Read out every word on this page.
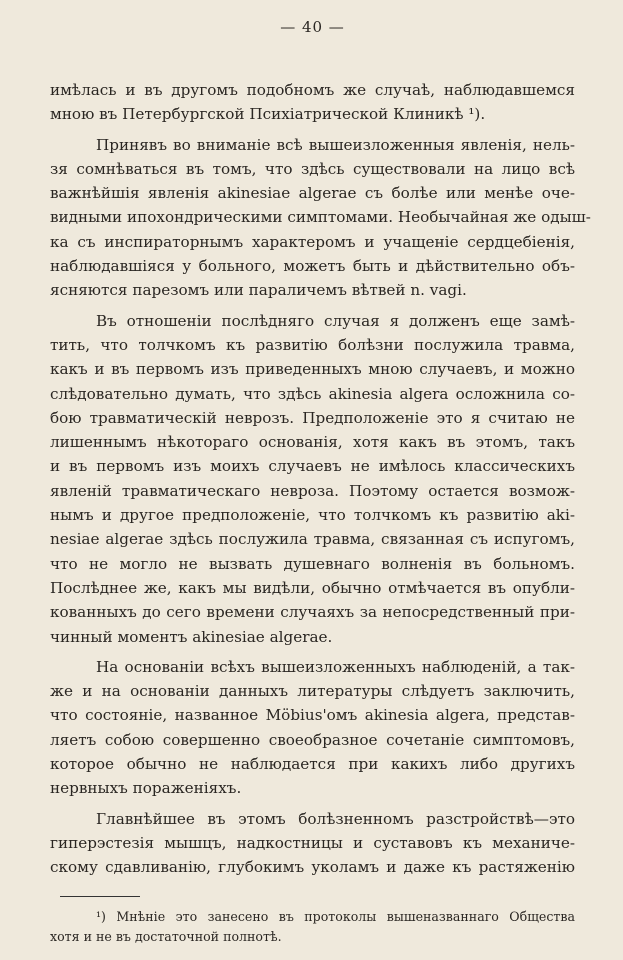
— 40 —
имѣлась и въ другомъ подобномъ же случаѣ, наблюдавшемся
мною въ Петербургской Психіатрической Клиникѣ ¹).
Принявъ во вниманіе всѣ вышеизложенныя явленія, нель-
зя сомнѣваться въ томъ, что здѣсь существовали на лицо всѣ
важнѣйшія явленія akinesiae algerae съ болѣе или менѣе оче-
видными ипохондрическими симптомами. Необычайная же одыш-
ка съ инспираторнымъ характеромъ и учащеніе сердцебіенія,
наблюдавшіяся у больного, можетъ быть и дѣйствительно объ-
ясняются парезомъ или параличемъ вѣтвей n. vagi.
Въ отношеніи послѣдняго случая я долженъ еще замѣ-
тить, что толчкомъ къ развитію болѣзни послужила травма,
какъ и въ первомъ изъ приведенныхъ мною случаевъ, и можно
слѣдовательно думать, что здѣсь akinesia algera осложнила со-
бою травматическій неврозъ. Предположеніе это я считаю не
лишеннымъ нѣкотораго основанія, хотя какъ въ этомъ, такъ
и въ первомъ изъ моихъ случаевъ не имѣлось классическихъ
явленій травматическаго невроза. Поэтому остается возмож-
нымъ и другое предположеніе, что толчкомъ къ развитію aki-
nesiae algerae здѣсь послужила травма, связанная съ испугомъ,
что не могло не вызвать душевнаго волненія въ больномъ.
Послѣднее же, какъ мы видѣли, обычно отмѣчается въ опубли-
кованныхъ до сего времени случаяхъ за непосредственный при-
чинный моментъ akinesiae algerae.
На основаніи всѣхъ вышеизложенныхъ наблюденій, а так-
же и на основаніи данныхъ литературы слѣдуетъ заключить,
что состояніе, названное Möbius'омъ akinesia algera, представ-
ляетъ собою совершенно своеобразное сочетаніе симптомовъ,
которое обычно не наблюдается при какихъ либо другихъ
нервныхъ пораженіяхъ.
Главнѣйшее въ этомъ болѣзненномъ разстройствѣ—это
гиперэстезія мышцъ, надкостницы и суставовъ къ механиче-
скому сдавливанію, глубокимъ уколамъ и даже къ растяженію
¹) Мнѣніе это занесено въ протоколы вышеназваннаго Общества
хотя и не въ достаточной полнотѣ.
